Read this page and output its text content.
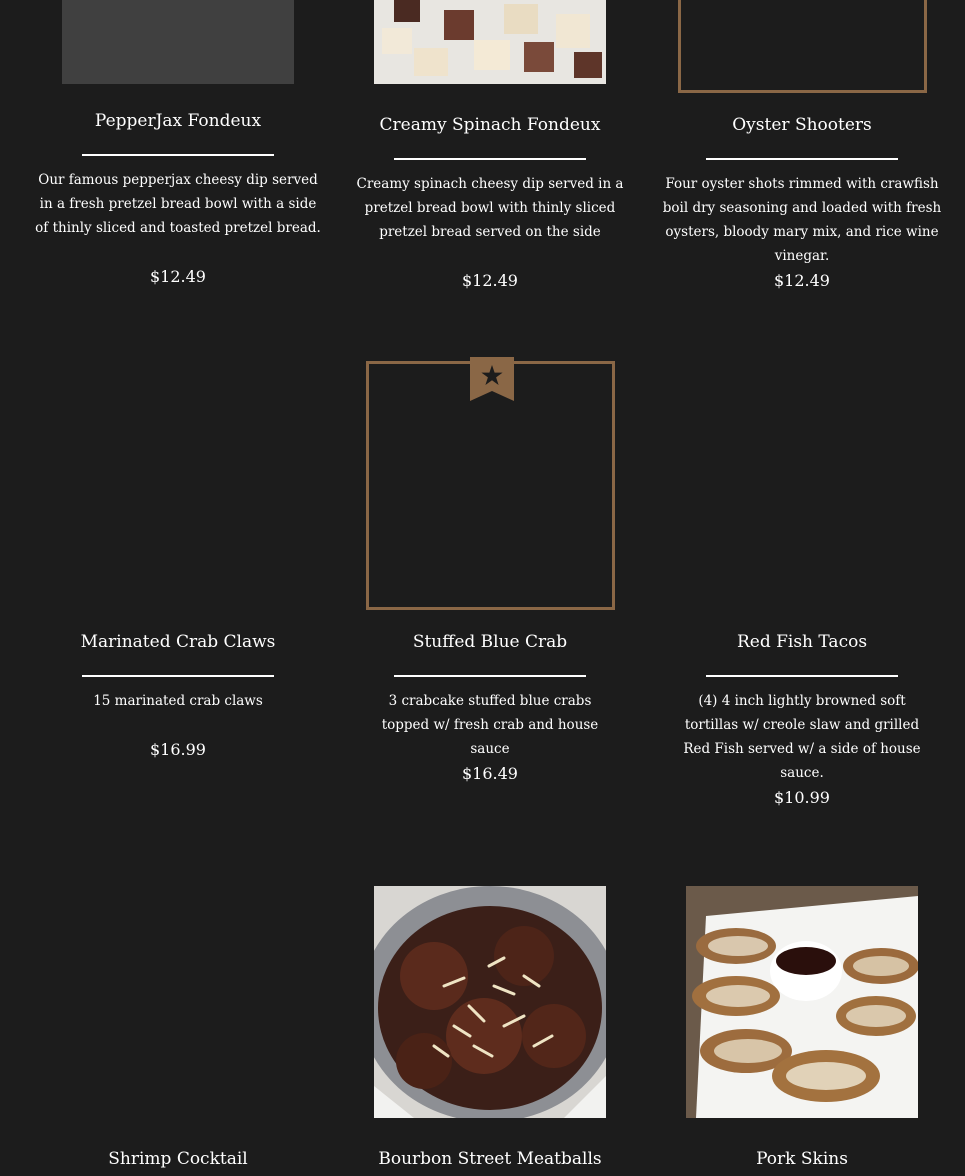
PepperJax Fondeux
Our famous pepperjax cheesy dip served in a fresh pretzel bread bowl with a side of thinly sliced and toasted pretzel bread.
$12.49
Creamy Spinach Fondeux
Creamy spinach cheesy dip served in a pretzel bread bowl with thinly sliced pretzel bread served on the side
$12.49
Oyster Shooters
Four oyster shots rimmed with crawfish boil dry seasoning and loaded with fresh oysters, bloody mary mix, and rice wine vinegar.
$12.49
Marinated Crab Claws
15 marinated crab claws
$16.99
Stuffed Blue Crab
3 crabcake stuffed blue crabs topped w/ fresh crab and house sauce
$16.49
Red Fish Tacos
(4) 4 inch lightly browned soft tortillas w/ creole slaw and grilled Red Fish served w/ a side of house sauce.
$10.99
Shrimp Cocktail	Bourbon Street Meatballs	Pork Skins
